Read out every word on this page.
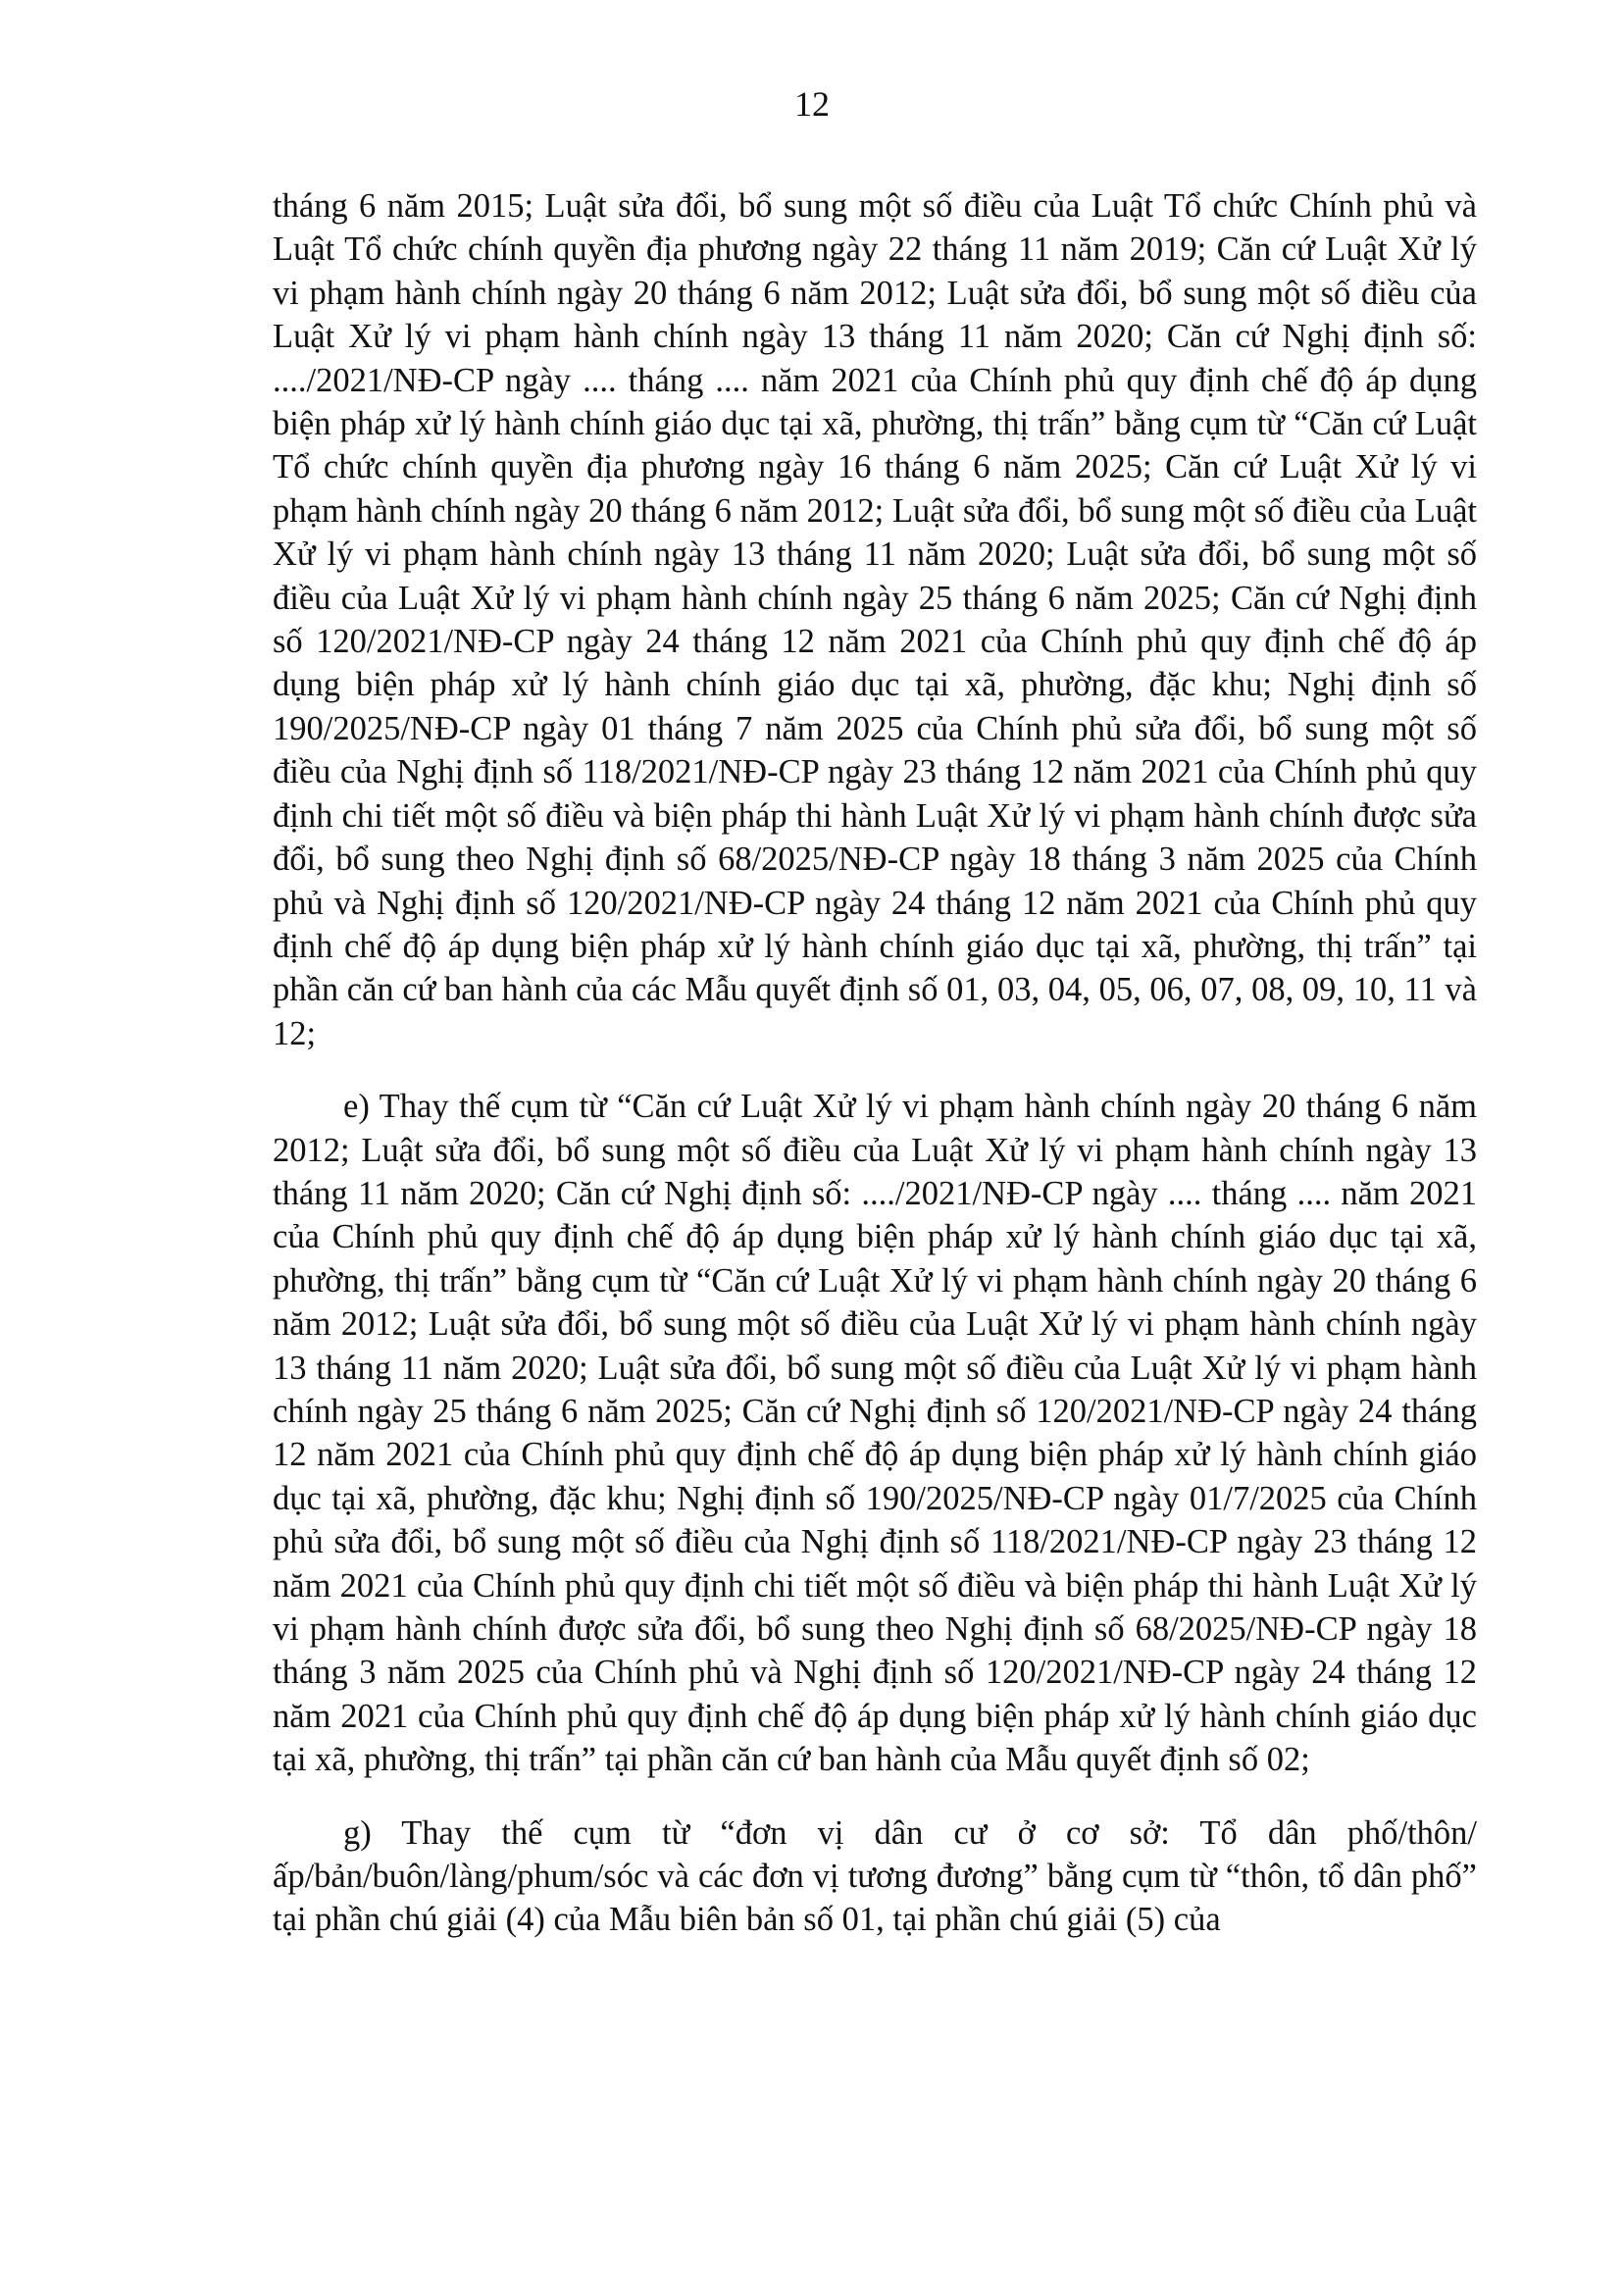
12

tháng 6 năm 2015; Luật sửa đổi, bổ sung một số điều của Luật Tổ chức Chính phủ và Luật Tổ chức chính quyền địa phương ngày 22 tháng 11 năm 2019; Căn cứ Luật Xử lý vi phạm hành chính ngày 20 tháng 6 năm 2012; Luật sửa đổi, bổ sung một số điều của Luật Xử lý vi phạm hành chính ngày 13 tháng 11 năm 2020; Căn cứ Nghị định số: ..../2021/NĐ-CP ngày .... tháng .... năm 2021 của Chính phủ quy định chế độ áp dụng biện pháp xử lý hành chính giáo dục tại xã, phường, thị trấn” bằng cụm từ “Căn cứ Luật Tổ chức chính quyền địa phương ngày 16 tháng 6 năm 2025; Căn cứ Luật Xử lý vi phạm hành chính ngày 20 tháng 6 năm 2012; Luật sửa đổi, bổ sung một số điều của Luật Xử lý vi phạm hành chính ngày 13 tháng 11 năm 2020; Luật sửa đổi, bổ sung một số điều của Luật Xử lý vi phạm hành chính ngày 25 tháng 6 năm 2025; Căn cứ Nghị định số 120/2021/NĐ-CP ngày 24 tháng 12 năm 2021 của Chính phủ quy định chế độ áp dụng biện pháp xử lý hành chính giáo dục tại xã, phường, đặc khu; Nghị định số 190/2025/NĐ-CP ngày 01 tháng 7 năm 2025 của Chính phủ sửa đổi, bổ sung một số điều của Nghị định số 118/2021/NĐ-CP ngày 23 tháng 12 năm 2021 của Chính phủ quy định chi tiết một số điều và biện pháp thi hành Luật Xử lý vi phạm hành chính được sửa đổi, bổ sung theo Nghị định số 68/2025/NĐ-CP ngày 18 tháng 3 năm 2025 của Chính phủ và Nghị định số 120/2021/NĐ-CP ngày 24 tháng 12 năm 2021 của Chính phủ quy định chế độ áp dụng biện pháp xử lý hành chính giáo dục tại xã, phường, thị trấn” tại phần căn cứ ban hành của các Mẫu quyết định số 01, 03, 04, 05, 06, 07, 08, 09, 10, 11 và 12;

e) Thay thế cụm từ “Căn cứ Luật Xử lý vi phạm hành chính ngày 20 tháng 6 năm 2012; Luật sửa đổi, bổ sung một số điều của Luật Xử lý vi phạm hành chính ngày 13 tháng 11 năm 2020; Căn cứ Nghị định số: ..../2021/NĐ-CP ngày .... tháng .... năm 2021 của Chính phủ quy định chế độ áp dụng biện pháp xử lý hành chính giáo dục tại xã, phường, thị trấn” bằng cụm từ “Căn cứ Luật Xử lý vi phạm hành chính ngày 20 tháng 6 năm 2012; Luật sửa đổi, bổ sung một số điều của Luật Xử lý vi phạm hành chính ngày 13 tháng 11 năm 2020; Luật sửa đổi, bổ sung một số điều của Luật Xử lý vi phạm hành chính ngày 25 tháng 6 năm 2025; Căn cứ Nghị định số 120/2021/NĐ-CP ngày 24 tháng 12 năm 2021 của Chính phủ quy định chế độ áp dụng biện pháp xử lý hành chính giáo dục tại xã, phường, đặc khu; Nghị định số 190/2025/NĐ-CP ngày 01/7/2025 của Chính phủ sửa đổi, bổ sung một số điều của Nghị định số 118/2021/NĐ-CP ngày 23 tháng 12 năm 2021 của Chính phủ quy định chi tiết một số điều và biện pháp thi hành Luật Xử lý vi phạm hành chính được sửa đổi, bổ sung theo Nghị định số 68/2025/NĐ-CP ngày 18 tháng 3 năm 2025 của Chính phủ và Nghị định số 120/2021/NĐ-CP ngày 24 tháng 12 năm 2021 của Chính phủ quy định chế độ áp dụng biện pháp xử lý hành chính giáo dục tại xã, phường, thị trấn” tại phần căn cứ ban hành của Mẫu quyết định số 02;

g) Thay thế cụm từ “đơn vị dân cư ở cơ sở: Tổ dân phố/thôn/ấp/bản/buôn/làng/phum/sóc và các đơn vị tương đương” bằng cụm từ “thôn, tổ dân phố” tại phần chú giải (4) của Mẫu biên bản số 01, tại phần chú giải (5) của
